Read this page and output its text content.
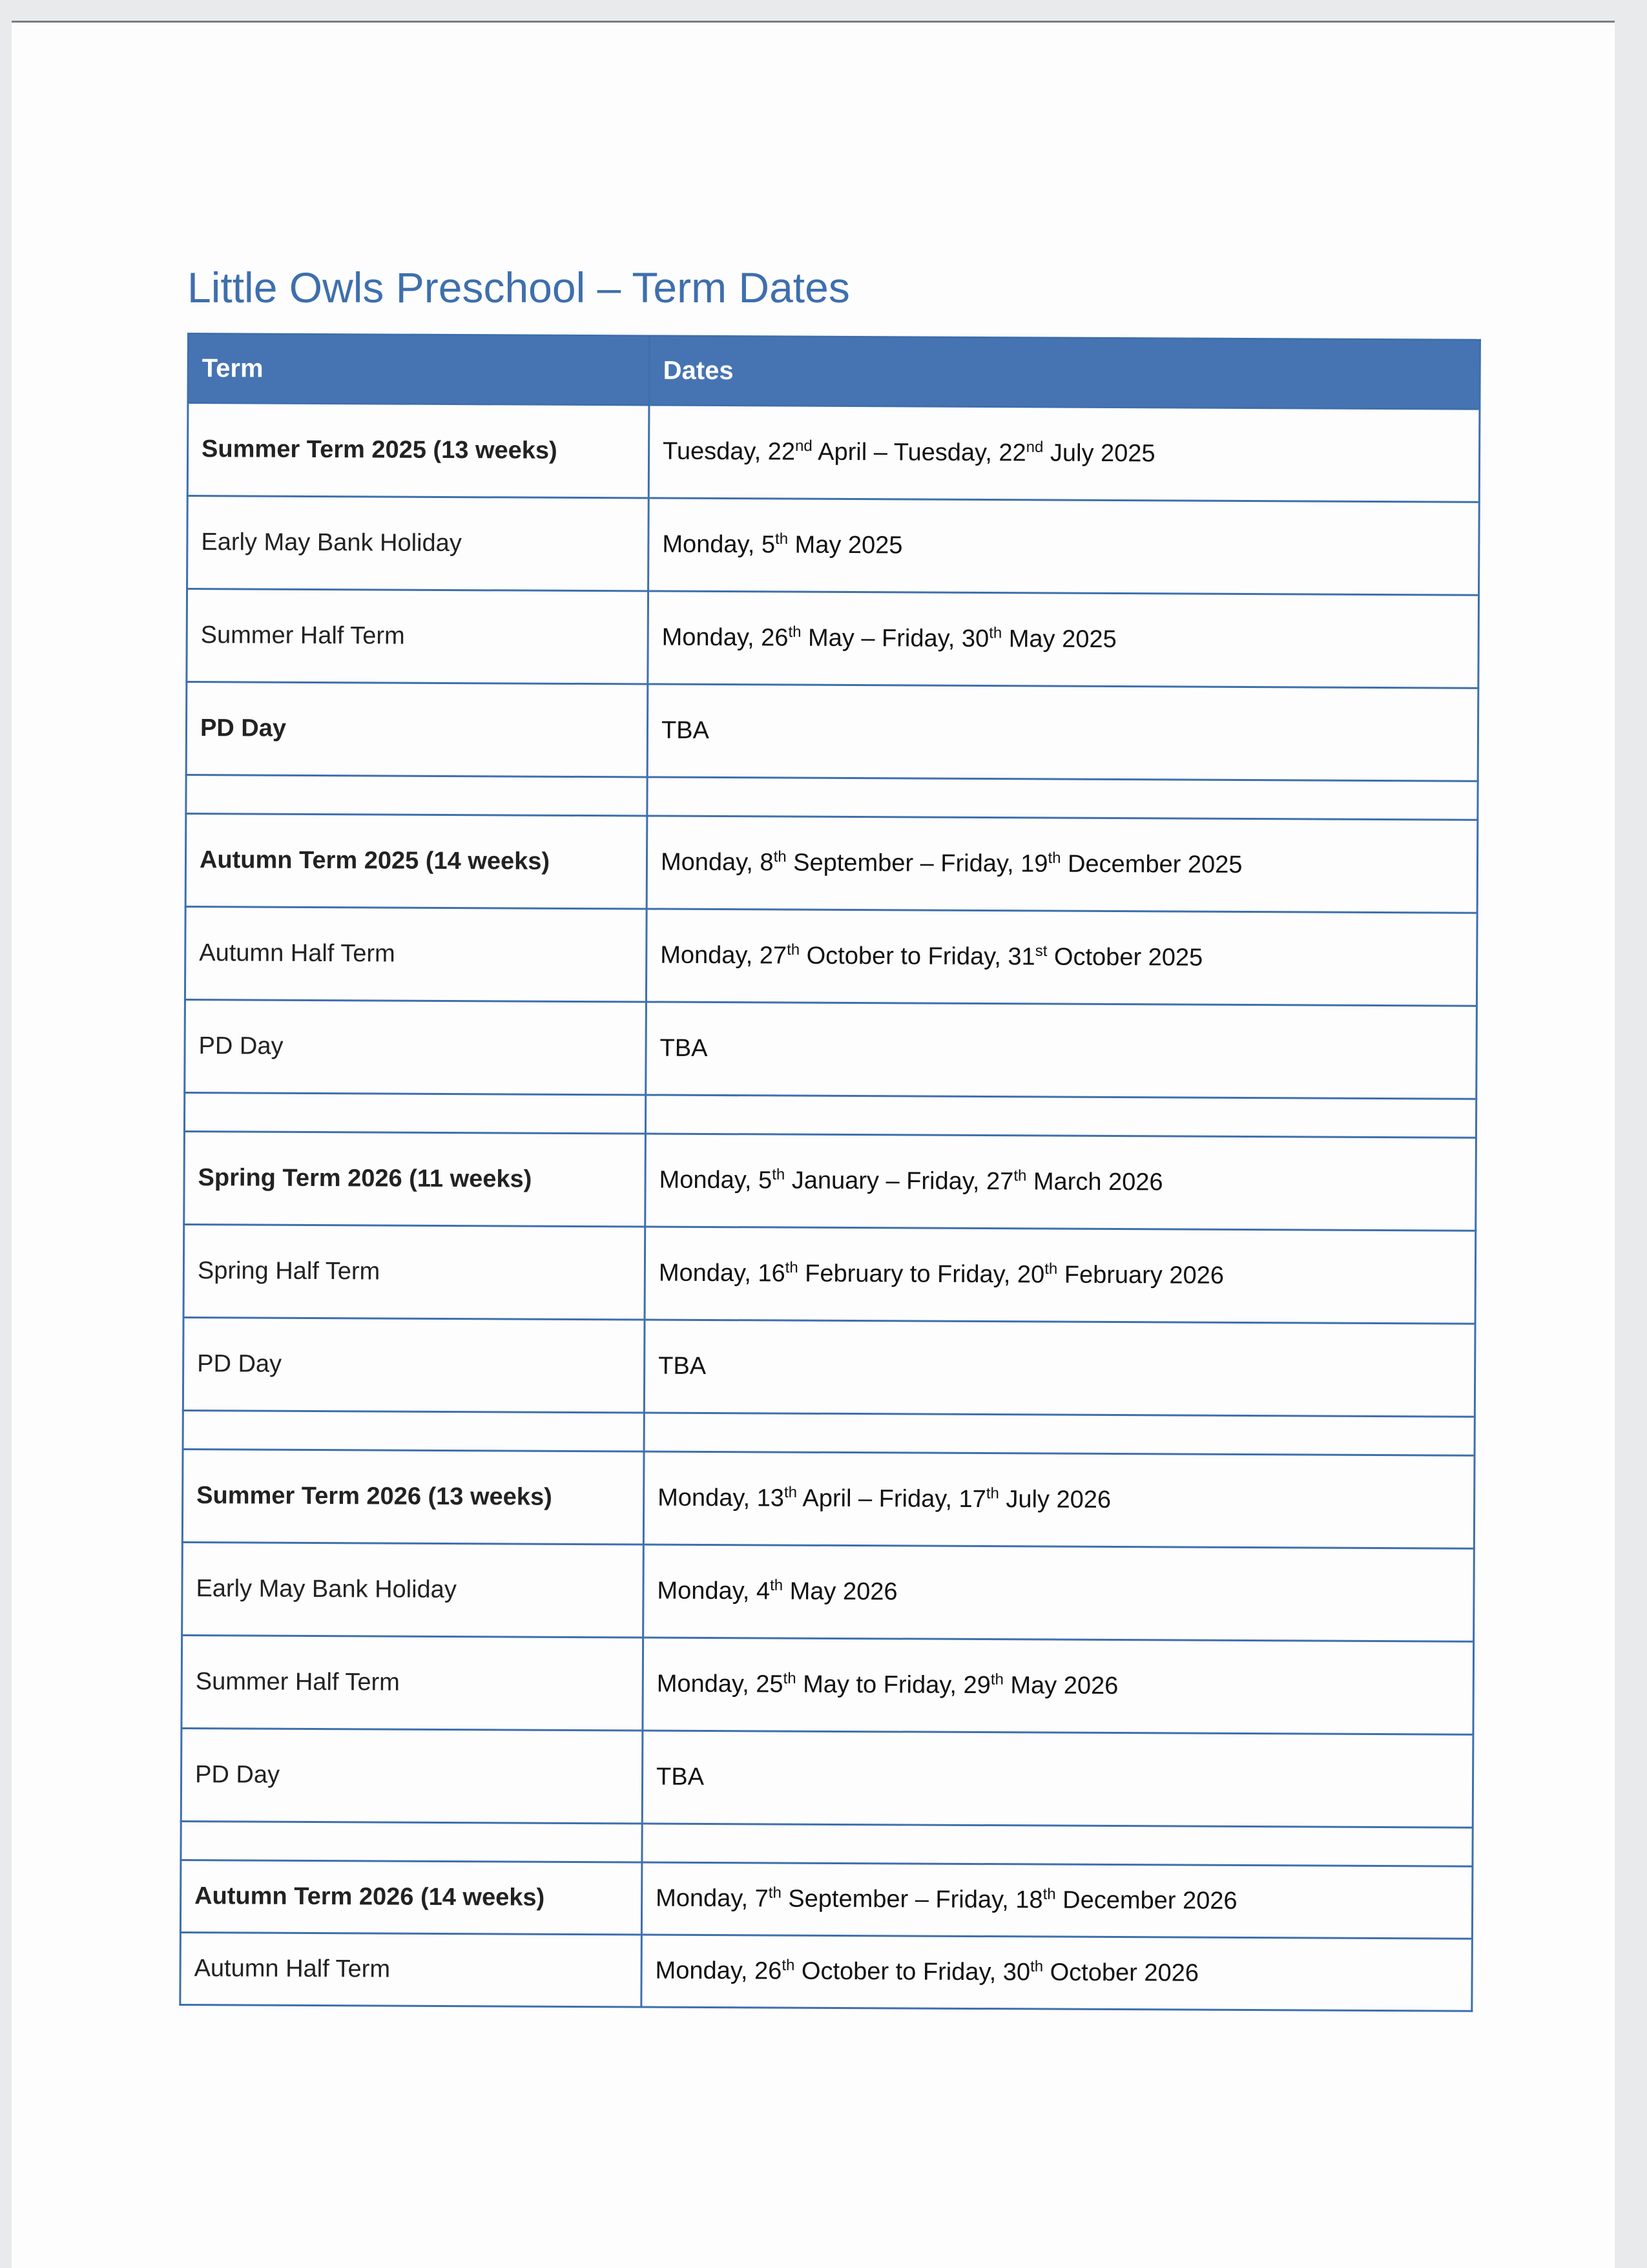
Little Owls Preschool – Term Dates
Term	Dates
Summer Term 2025 (13 weeks)	Tuesday, 22nd April – Tuesday, 22nd July 2025
Early May Bank Holiday	Monday, 5th May 2025
Summer Half Term	Monday, 26th May – Friday, 30th May 2025
PD Day	TBA

Autumn Term 2025 (14 weeks)	Monday, 8th September – Friday, 19th December 2025
Autumn Half Term	Monday, 27th October to Friday, 31st October 2025
PD Day	TBA

Spring Term 2026 (11 weeks)	Monday, 5th January – Friday, 27th March 2026
Spring Half Term	Monday, 16th February to Friday, 20th February 2026
PD Day	TBA

Summer Term 2026 (13 weeks)	Monday, 13th April – Friday, 17th July 2026
Early May Bank Holiday	Monday, 4th May 2026
Summer Half Term	Monday, 25th May to Friday, 29th May 2026
PD Day	TBA

Autumn Term 2026 (14 weeks)	Monday, 7th September – Friday, 18th December 2026
Autumn Half Term	Monday, 26th October to Friday, 30th October 2026
